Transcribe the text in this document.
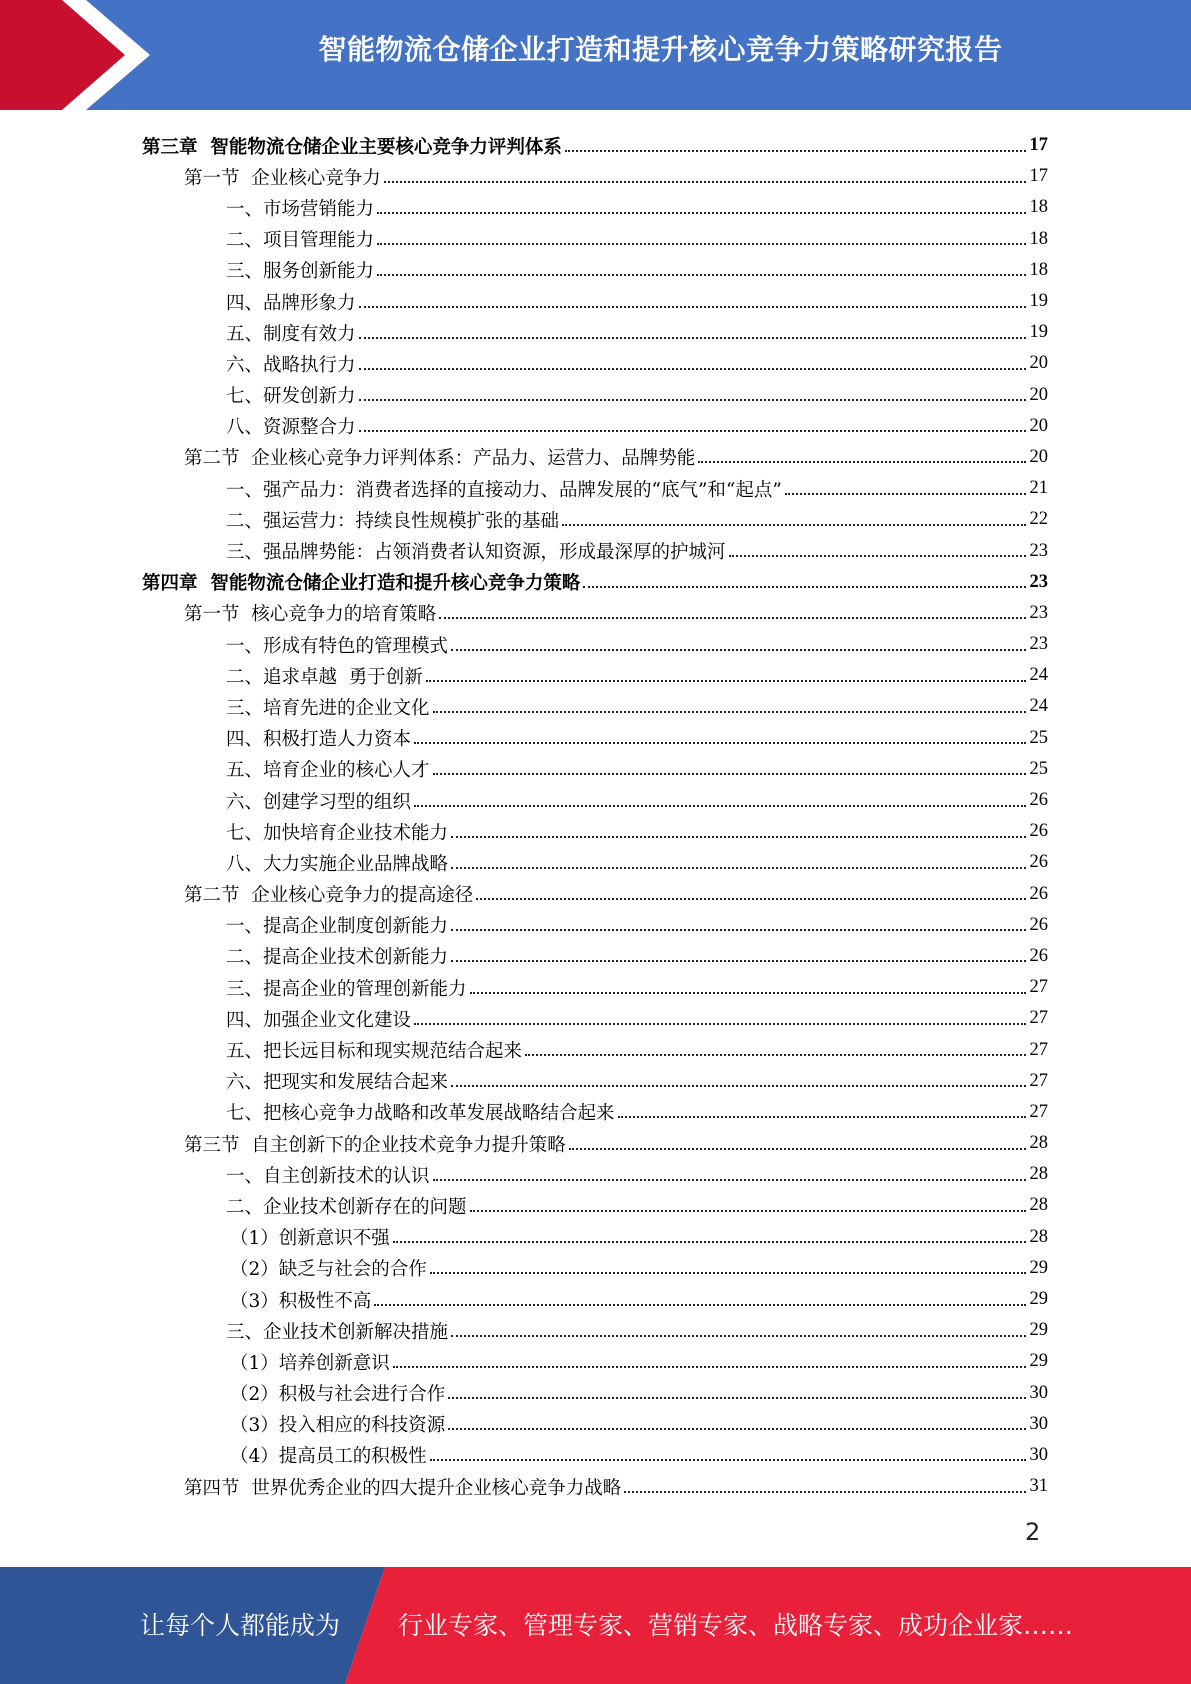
智能物流仓储企业打造和提升核心竞争力策略研究报告
第三章  智能物流仓储企业主要核心竞争力评判体系	17
第一节  企业核心竞争力	17
一、市场营销能力	18
二、项目管理能力	18
三、服务创新能力	18
四、品牌形象力	19
五、制度有效力	19
六、战略执行力	20
七、研发创新力	20
八、资源整合力	20
第二节  企业核心竞争力评判体系：产品力、运营力、品牌势能	20
一、强产品力：消费者选择的直接动力、品牌发展的“底气”和“起点”	21
二、强运营力：持续良性规模扩张的基础	22
三、强品牌势能：占领消费者认知资源，形成最深厚的护城河	23
第四章  智能物流仓储企业打造和提升核心竞争力策略	23
第一节  核心竞争力的培育策略	23
一、形成有特色的管理模式	23
二、追求卓越  勇于创新	24
三、培育先进的企业文化	24
四、积极打造人力资本	25
五、培育企业的核心人才	25
六、创建学习型的组织	26
七、加快培育企业技术能力	26
八、大力实施企业品牌战略	26
第二节  企业核心竞争力的提高途径	26
一、提高企业制度创新能力	26
二、提高企业技术创新能力	26
三、提高企业的管理创新能力	27
四、加强企业文化建设	27
五、把长远目标和现实规范结合起来	27
六、把现实和发展结合起来	27
七、把核心竞争力战略和改革发展战略结合起来	27
第三节  自主创新下的企业技术竞争力提升策略	28
一、自主创新技术的认识	28
二、企业技术创新存在的问题	28
（1）创新意识不强	28
（2）缺乏与社会的合作	29
（3）积极性不高	29
三、企业技术创新解决措施	29
（1）培养创新意识	29
（2）积极与社会进行合作	30
（3）投入相应的科技资源	30
（4）提高员工的积极性	30
第四节  世界优秀企业的四大提升企业核心竞争力战略	31
2
让每个人都能成为 行业专家、管理专家、营销专家、战略专家、成功企业家……
